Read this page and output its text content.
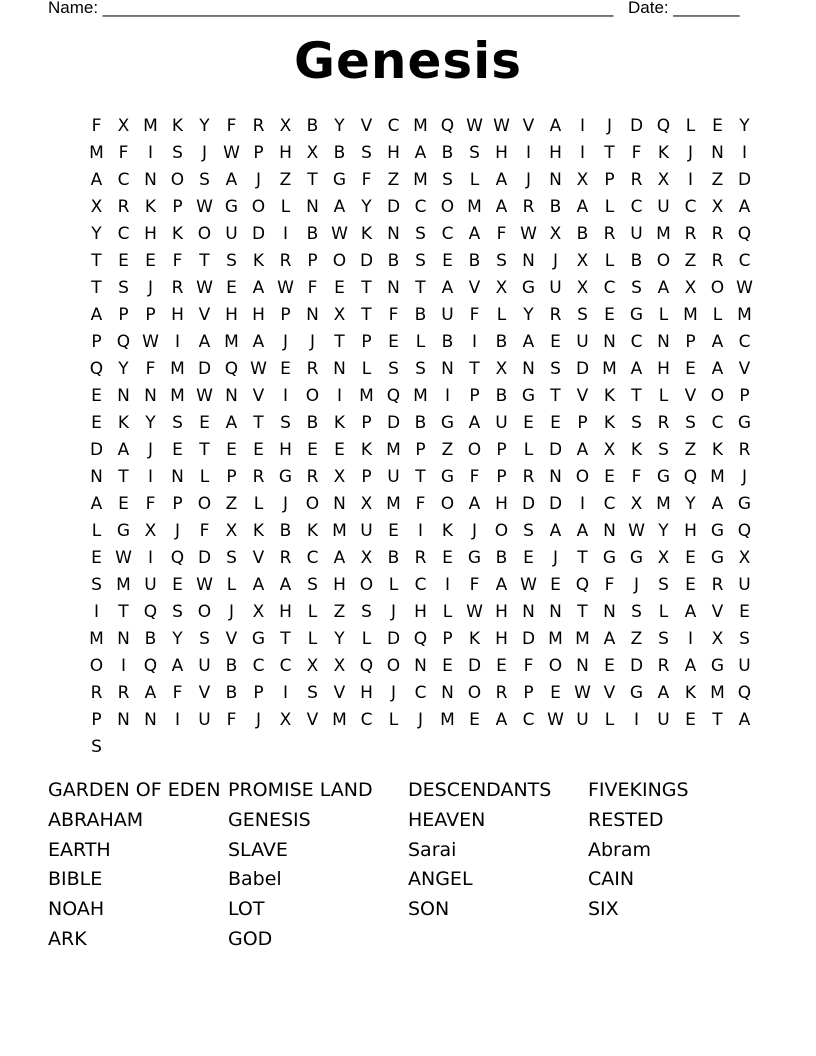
Name: ______________________________________________________ Date: _______
Genesis
F X M K Y F R X B Y V C M Q W W V A	I	J	D Q L E Y
M F	I	S	J W P H X B S H A B S H	I	H	I	T F K	J	N	I
A C N O S A	J	Z T G F Z M S L A	J	N X P R X	I	Z D
X R K P W G O L N A Y D C O M A R B A L C U C X A
Y C H K O U D	I	B W K N S C A F W X B R U M R R Q
T E E F T S K R P O D B S E B S N	J	X L B O Z R C
T S	J	R W E A W F E T N T A V X G U X C S A X O W
A P P H V H H P N X T F B U F	L	Y R S E G L M L M
P Q W I	A M A	J	J	T P E L B	I	B A E U N C N P A C
Q Y F M D Q W E R N L S S N T X N S D M A H E A V
E N N M W N V	I	O	I	M Q M	I	P B G T V K T	L V O P
E K Y S E A T S B K P D B G A U E E P K S R S C G
D A	J	E T E E H E E K M P Z O P	L D A X K S Z K R
N T	I	N L	P R G R X P U T G F P R N O E F G Q M	J
A E F P O Z L	J	O N X M F O A H D D	I	C X M Y A G
L G X	J	F X K B K M U E	I	K	J	O S A A N W Y H G Q
E W I	Q D S V R C A X B R E G B E	J	T G G X E G X
S M U E W L A A S H O L C	I	F A W E Q F	J	S E R U
I	T Q S O	J	X H L Z S	J	H L W H N N T N S L A V E
M N B Y S V G T	L	Y	L D Q P K H D M M A Z S	I	X S
O	I	Q A U B C C X X Q O N E D E F O N E D R A G U
R R A F V B P	I	S V H	J	C N O R P E W V G A K M Q
P N N	I	U F	J	X V M C L	J	M E A C W U L	I	U E T A
S
GARDEN OF EDEN
ABRAHAM
EARTH
BIBLE
NOAH
ARK
PROMISE LAND
GENESIS
SLAVE
Babel
LOT
GOD
DESCENDANTS
HEAVEN
Sarai
ANGEL
SON
FIVEKINGS
RESTED
Abram
CAIN
SIX
